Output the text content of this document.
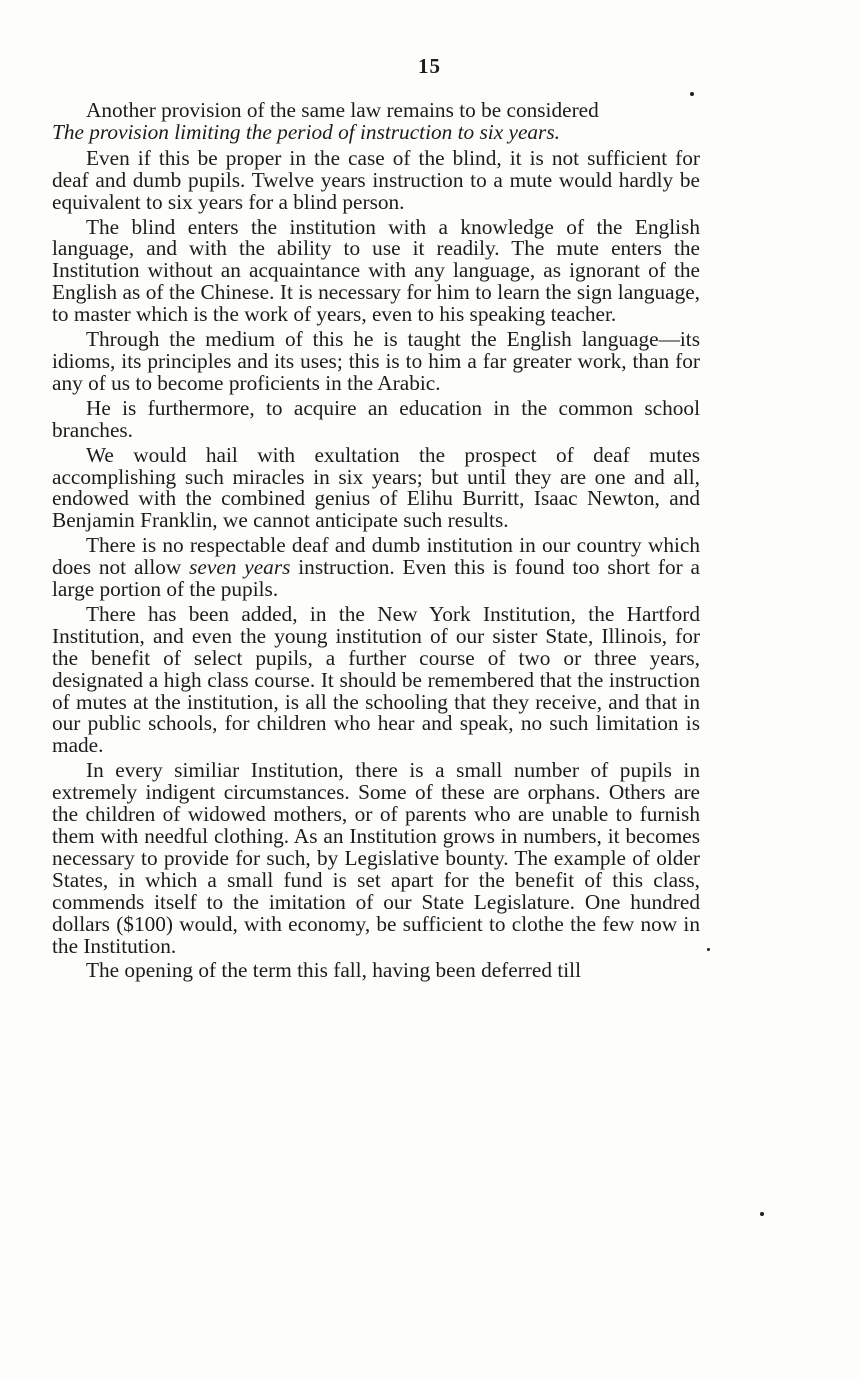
15

Another provision of the same law remains to be considered

The provision limiting the period of instruction to six years.

Even if this be proper in the case of the blind, it is not sufficient for deaf and dumb pupils. Twelve years instruction to a mute would hardly be equivalent to six years for a blind person.

The blind enters the institution with a knowledge of the English language, and with the ability to use it readily. The mute enters the Institution without an acquaintance with any language, as ignorant of the English as of the Chinese. It is necessary for him to learn the sign language, to master which is the work of years, even to his speaking teacher.

Through the medium of this he is taught the English language—its idioms, its principles and its uses; this is to him a far greater work, than for any of us to become proficients in the Arabic.

He is furthermore, to acquire an education in the common school branches.

We would hail with exultation the prospect of deaf mutes accomplishing such miracles in six years; but until they are one and all, endowed with the combined genius of Elihu Burritt, Isaac Newton, and Benjamin Franklin, we cannot anticipate such results.

There is no respectable deaf and dumb institution in our country which does not allow seven years instruction. Even this is found too short for a large portion of the pupils.

There has been added, in the New York Institution, the Hartford Institution, and even the young institution of our sister State, Illinois, for the benefit of select pupils, a further course of two or three years, designated a high class course. It should be remembered that the instruction of mutes at the institution, is all the schooling that they receive, and that in our public schools, for children who hear and speak, no such limitation is made.

In every similiar Institution, there is a small number of pupils in extremely indigent circumstances. Some of these are orphans. Others are the children of widowed mothers, or of parents who are unable to furnish them with needful clothing. As an Institution grows in numbers, it becomes necessary to provide for such, by Legislative bounty. The example of older States, in which a small fund is set apart for the benefit of this class, commends itself to the imitation of our State Legislature. One hundred dollars ($100) would, with economy, be sufficient to clothe the few now in the Institution.

The opening of the term this fall, having been deferred till
